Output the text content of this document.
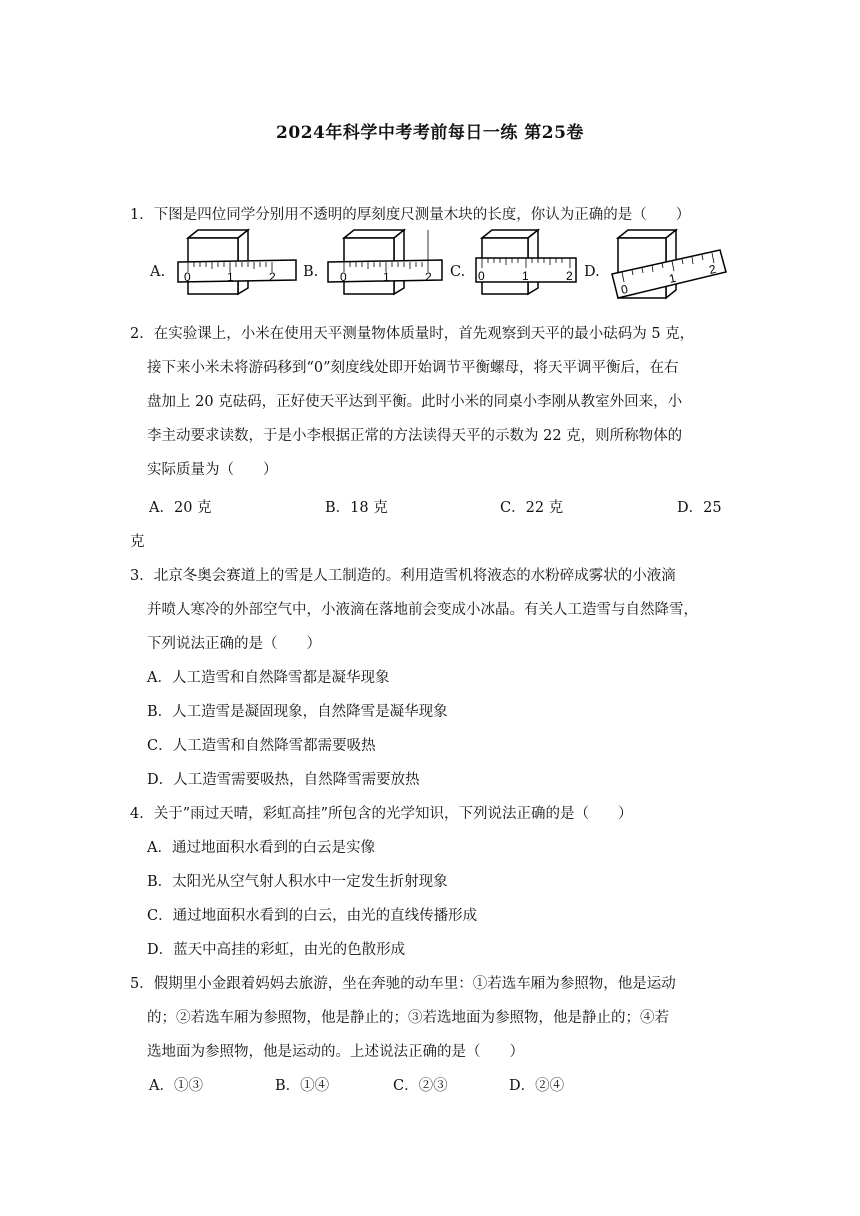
2024年科学中考考前每日一练 第25卷
1．下图是四位同学分别用不透明的厚刻度尺测量木块的长度，你认为正确的是（　　）
A. 0	1	2 B. 0	1	2 C. 0	1	2 D.
0
1
2
2．在实验课上，小米在使用天平测量物体质量时，首先观察到天平的最小砝码为 5 克，
接下来小米未将游码移到“0”刻度线处即开始调节平衡螺母，将天平调平衡后，在右
盘加上 20 克砝码，正好使天平达到平衡。此时小米的同桌小李刚从教室外回来，小
李主动要求读数，于是小李根据正常的方法读得天平的示数为 22 克，则所称物体的
实际质量为（　　）
A．20 克	B．18 克	C．22 克	D．25
克
3．北京冬奥会赛道上的雪是人工制造的。利用造雪机将液态的水粉碎成雾状的小液滴
并喷人寒冷的外部空气中，小液滴在落地前会变成小冰晶。有关人工造雪与自然降雪，
下列说法正确的是（　　）
A．人工造雪和自然降雪都是凝华现象
B．人工造雪是凝固现象，自然降雪是凝华现象
C．人工造雪和自然降雪都需要吸热
D．人工造雪需要吸热，自然降雪需要放热
4．关于”雨过天晴，彩虹高挂”所包含的光学知识，下列说法正确的是（　　）
A．通过地面积水看到的白云是实像
B．太阳光从空气射人积水中一定发生折射现象
C．通过地面积水看到的白云，由光的直线传播形成
D．蓝天中高挂的彩虹，由光的色散形成
5．假期里小金跟着妈妈去旅游，坐在奔驰的动车里：①若选车厢为参照物，他是运动
的；②若选车厢为参照物，他是静止的；③若选地面为参照物，他是静止的；④若
选地面为参照物，他是运动的。上述说法正确的是（　　）
A．①③	B．①④	C．②③	D．②④
